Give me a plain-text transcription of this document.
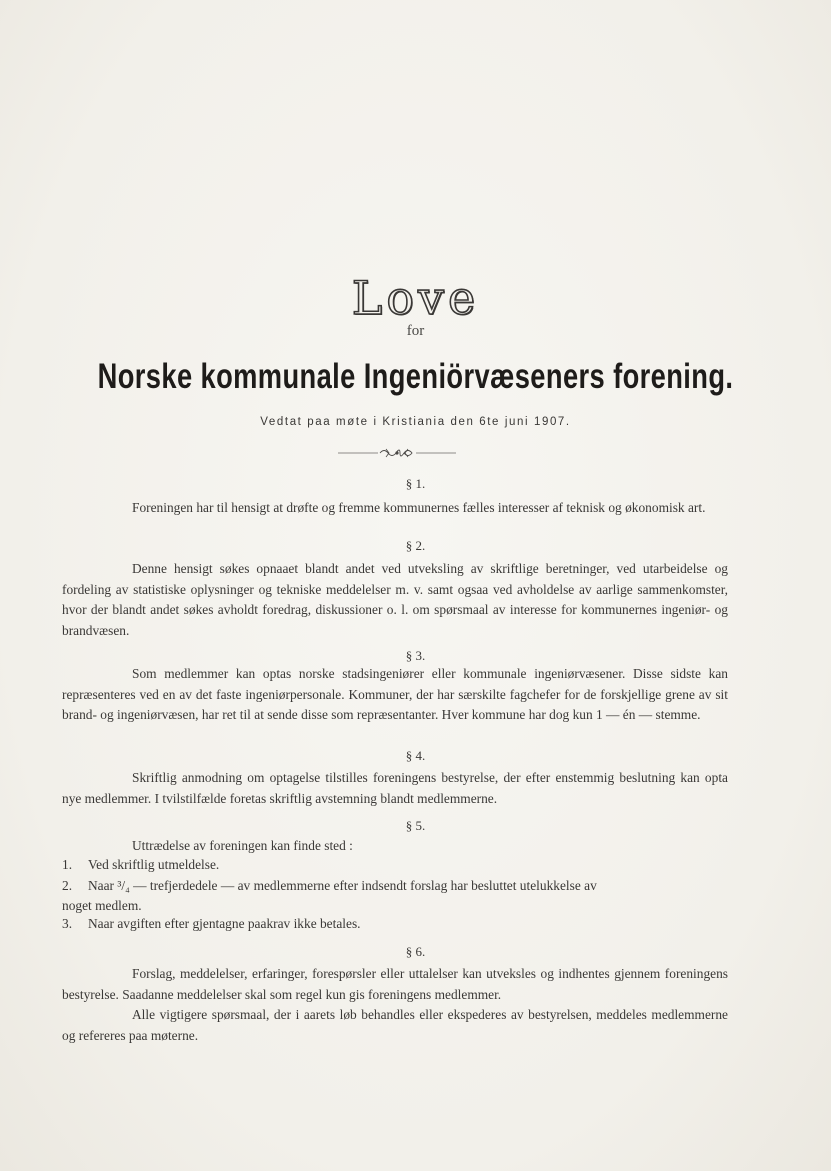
Love
for
Norske kommunale Ingeniörvæseners forening.
Vedtat paa møte i Kristiania den 6te juni 1907.
§ 1.

Foreningen har til hensigt at drøfte og fremme kommunernes fælles interesser af teknisk og økonomisk art.

§ 2.

Denne hensigt søkes opnaaet blandt andet ved utveksling av skriftlige beretninger, ved utarbeidelse og fordeling av statistiske oplysninger og tekniske meddelelser m. v. samt ogsaa ved avholdelse av aarlige sammenkomster, hvor der blandt andet søkes avholdt foredrag, diskussioner o. l. om spørsmaal av interesse for kommunernes ingeniør- og brandvæsen.

§ 3.

Som medlemmer kan optas norske stadsingeniører eller kommunale ingeniørvæsener. Disse sidste kan repræsenteres ved en av det faste ingeniørpersonale. Kommuner, der har særskilte fagchefer for de forskjellige grene av sit brand- og ingeniørvæsen, har ret til at sende disse som repræsentanter. Hver kommune har dog kun 1 — én — stemme.

§ 4.

Skriftlig anmodning om optagelse tilstilles foreningens bestyrelse, der efter enstemmig beslutning kan opta nye medlemmer. I tvilstilfælde foretas skriftlig avstemning blandt medlemmerne.

§ 5.

Uttrædelse av foreningen kan finde sted :

1. Ved skriftlig utmeldelse.
2. Naar ³/₄ — trefjerdedele — av medlemmerne efter indsendt forslag har besluttet utelukkelse av
noget medlem.
3. Naar avgiften efter gjentagne paakrav ikke betales.
§ 6.

Forslag, meddelelser, erfaringer, forespørsler eller uttalelser kan utveksles og indhentes gjennem foreningens bestyrelse. Saadanne meddelelser skal som regel kun gis foreningens medlemmer.

Alle vigtigere spørsmaal, der i aarets løb behandles eller ekspederes av bestyrelsen, meddeles medlemmerne og refereres paa møterne.
